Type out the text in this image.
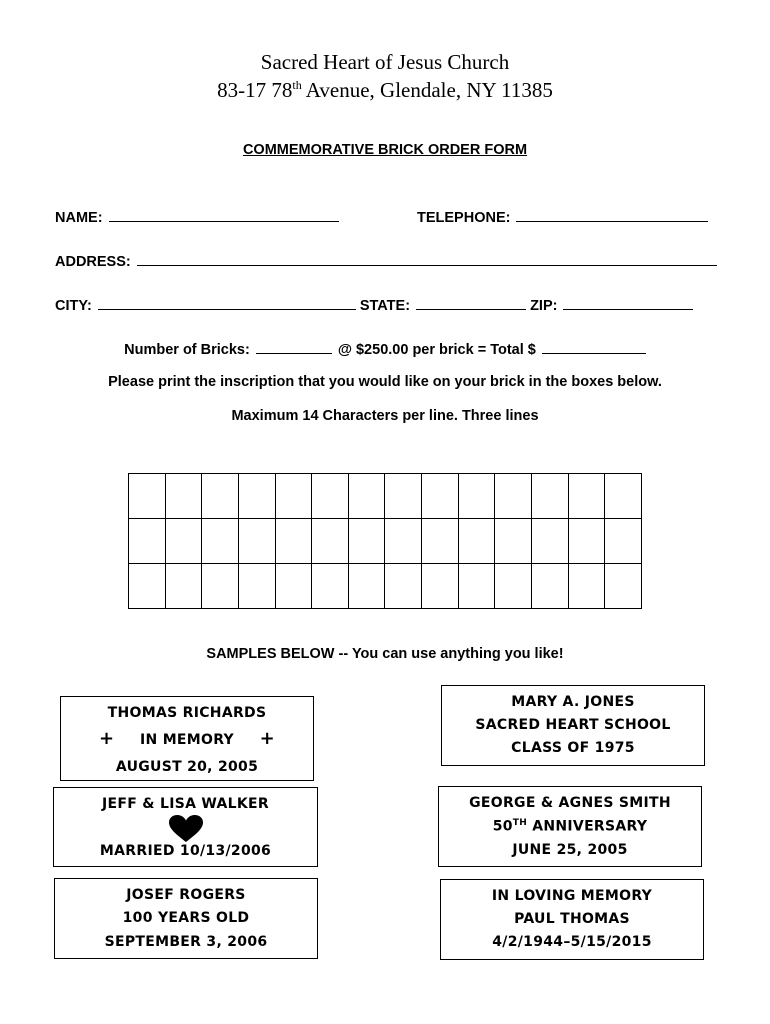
Sacred Heart of Jesus Church
83-17 78th Avenue, Glendale, NY 11385
COMMEMORATIVE BRICK ORDER FORM
NAME:	TELEPHONE:
ADDRESS:
CITY:	STATE:	ZIP:
Number of Bricks:	@ $250.00 per brick = Total $
Please print the inscription that you would like on your brick in the boxes below.
Maximum 14 Characters per line. Three lines

SAMPLES BELOW -- You can use anything you like!
THOMAS RICHARDS
+ IN MEMORY +
AUGUST 20, 2005
MARY A. JONES
SACRED HEART SCHOOL
CLASS OF 1975
JEFF & LISA WALKER
MARRIED 10/13/2006
GEORGE & AGNES SMITH
50TH ANNIVERSARY
JUNE 25, 2005
JOSEF ROGERS
100 YEARS OLD
SEPTEMBER 3, 2006
IN LOVING MEMORY
PAUL THOMAS
4/2/1944–5/15/2015
